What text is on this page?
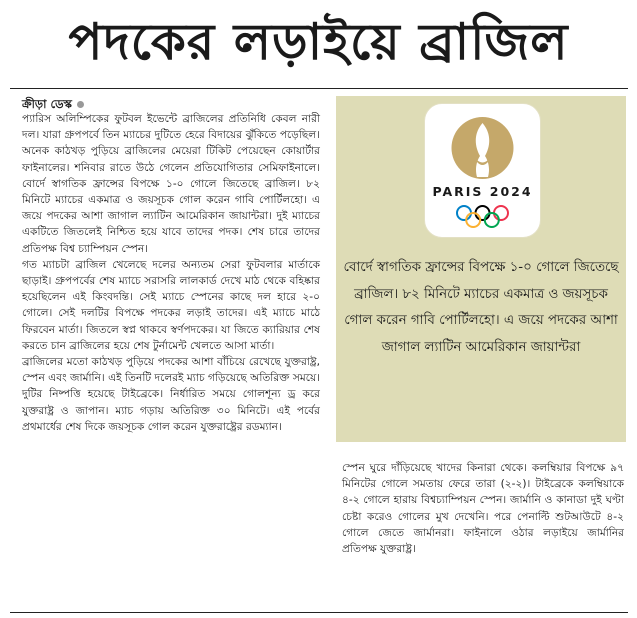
পদকের লড়াইয়ে ব্রাজিল
ক্রীড়া ডেস্ক

প্যারিস অলিম্পিকের ফুটবল ইভেন্টে ব্রাজিলের প্রতিনিধি কেবল নারী দল। যারা গ্রুপপর্বে তিন ম্যাচের দুটিতে হেরে বিদায়ের ঝুঁকিতে পড়েছিল। অনেক কাঠখড় পুড়িয়ে ব্রাজিলের মেয়েরা টিকিট পেয়েছেন কোয়ার্টার ফাইনালের। শনিবার রাতে উঠে গেলেন প্রতিযোগিতার সেমিফাইনালে। বোর্দে স্বাগতিক ফ্রান্সের বিপক্ষে ১-০ গোলে জিতেছে ব্রাজিল। ৮২ মিনিটে ম্যাচের একমাত্র ও জয়সূচক গোল করেন গাবি পোর্টিলহো। এ জয়ে পদকের আশা জাগাল ল্যাটিন আমেরিকান জায়ান্টরা। দুই ম্যাচের একটিতে জিতলেই নিশ্চিত হয়ে যাবে তাদের পদক। শেষ চারে তাদের প্রতিপক্ষ বিশ্ব চ্যাম্পিয়ন স্পেন।

গত ম্যাচটা ব্রাজিল খেলেছে দলের অন্যতম সেরা ফুটবলার মার্তাকে ছাড়াই। গ্রুপপর্বের শেষ ম্যাচে সরাসরি লালকার্ড দেখে মাঠ থেকে বহিষ্কার হয়েছিলেন এই কিংবদন্তি। সেই ম্যাচে স্পেনের কাছে দল হারে ২-০ গোলে। সেই দলটির বিপক্ষে পদকের লড়াই তাদের। এই ম্যাচে মাঠে ফিরবেন মার্তা। জিতলে স্বপ্ন থাকবে স্বর্ণপদকের। যা জিতে ক্যারিয়ার শেষ করতে চান ব্রাজিলের হয়ে শেষ টুর্নামেন্ট খেলতে আসা মার্তা।

ব্রাজিলের মতো কাঠখড় পুড়িয়ে পদকের আশা বাঁচিয়ে রেখেছে যুক্তরাষ্ট্র, স্পেন এবং জার্মানি। এই তিনটি দলেরই ম্যাচ গড়িয়েছে অতিরিক্ত সময়ে। দুটির নিষ্পত্তি হয়েছে টাইব্রেকে। নির্ধারিত সময়ে গোলশূন্য ড্র করে যুক্তরাষ্ট্র ও জাপান। ম্যাচ গড়ায় অতিরিক্ত ৩০ মিনিটে। এই পর্বের প্রথমার্ধের শেষ দিকে জয়সূচক গোল করেন যুক্তরাষ্ট্রের রডম্যান।

PARIS 2024
বোর্দে স্বাগতিক ফ্রান্সের বিপক্ষে ১-০ গোলে জিতেছে ব্রাজিল। ৮২ মিনিটে ম্যাচের একমাত্র ও জয়সূচক গোল করেন গাবি পোর্টিলহো। এ জয়ে পদকের আশা জাগাল ল্যাটিন আমেরিকান জায়ান্টরা

স্পেন ঘুরে দাঁড়িয়েছে খাদের কিনারা থেকে। কলম্বিয়ার বিপক্ষে ৯৭ মিনিটের গোলে সমতায় ফেরে তারা (২-২)। টাইব্রেকে কলম্বিয়াকে ৪-২ গোলে হারায় বিশ্বচ্যাম্পিয়ন স্পেন। জার্মানি ও কানাডা দুই ঘণ্টা চেষ্টা করেও গোলের মুখ দেখেনি। পরে পেনাল্টি শুটআউটে ৪-২ গোলে জেতে জার্মানরা। ফাইনালে ওঠার লড়াইয়ে জার্মানির প্রতিপক্ষ যুক্তরাষ্ট্র।
